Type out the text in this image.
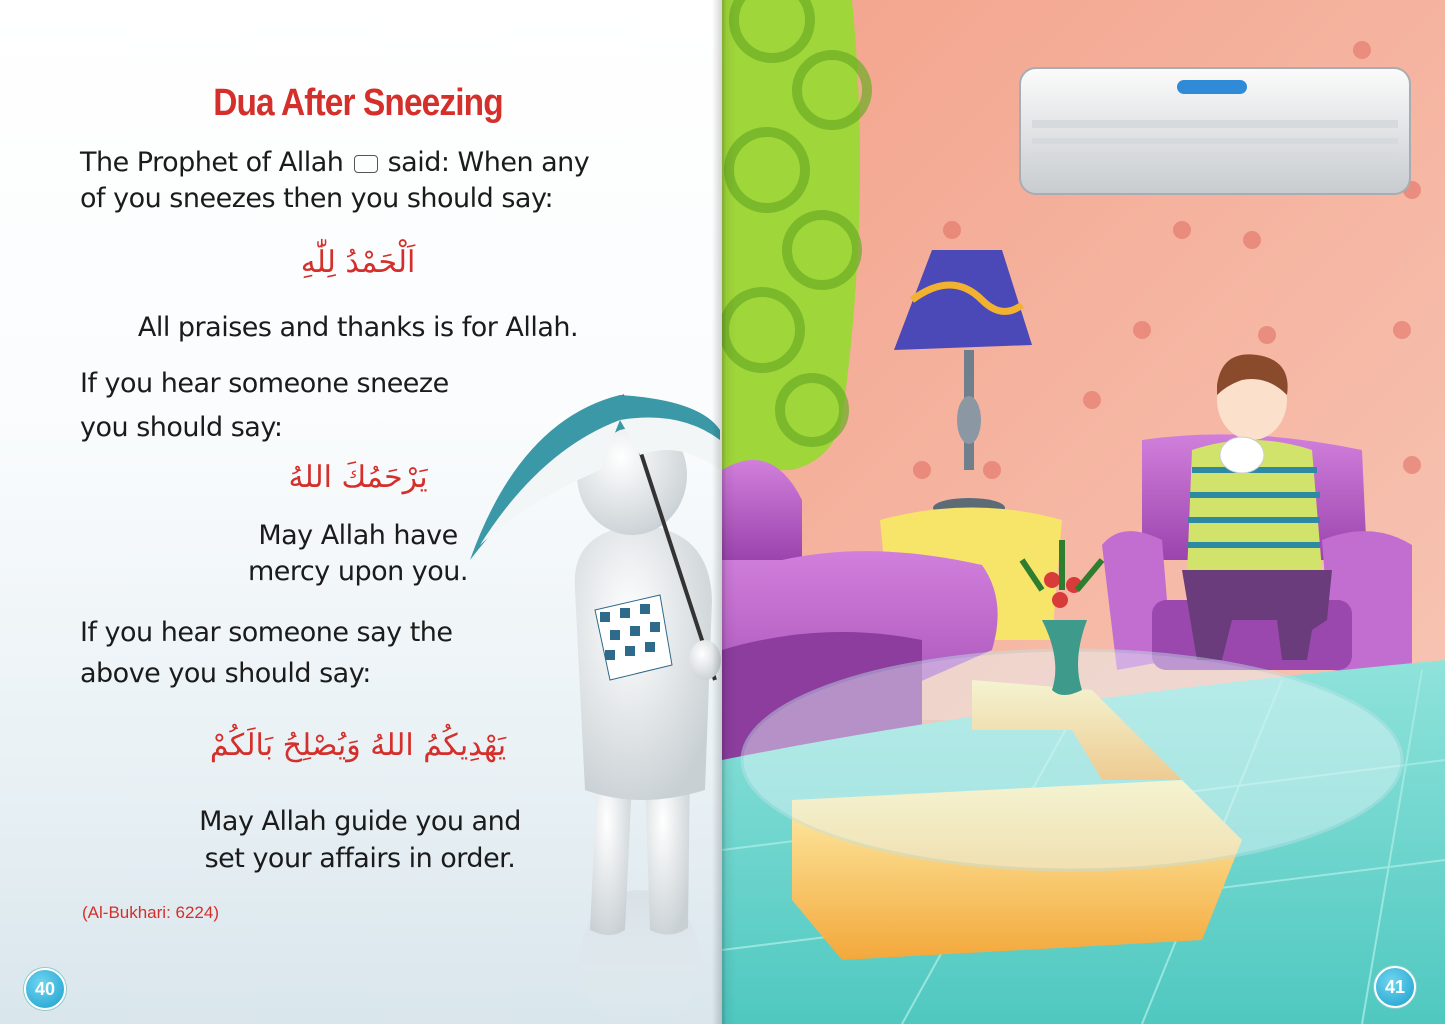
Dua After Sneezing

The Prophet of Allah said: When any

of you sneezes then you should say:

اَلْحَمْدُ لِلّٰهِ

All praises and thanks is for Allah.

If you hear someone sneeze

you should say:

يَرْحَمُكَ اللهُ

May Allah have

mercy upon you.

If you hear someone say the

above you should say:

يَهْدِيكُمُ اللهُ وَيُصْلِحُ بَالَكُمْ

May Allah guide you and

set your affairs in order.

(Al-Bukhari: 6224)

40	41
